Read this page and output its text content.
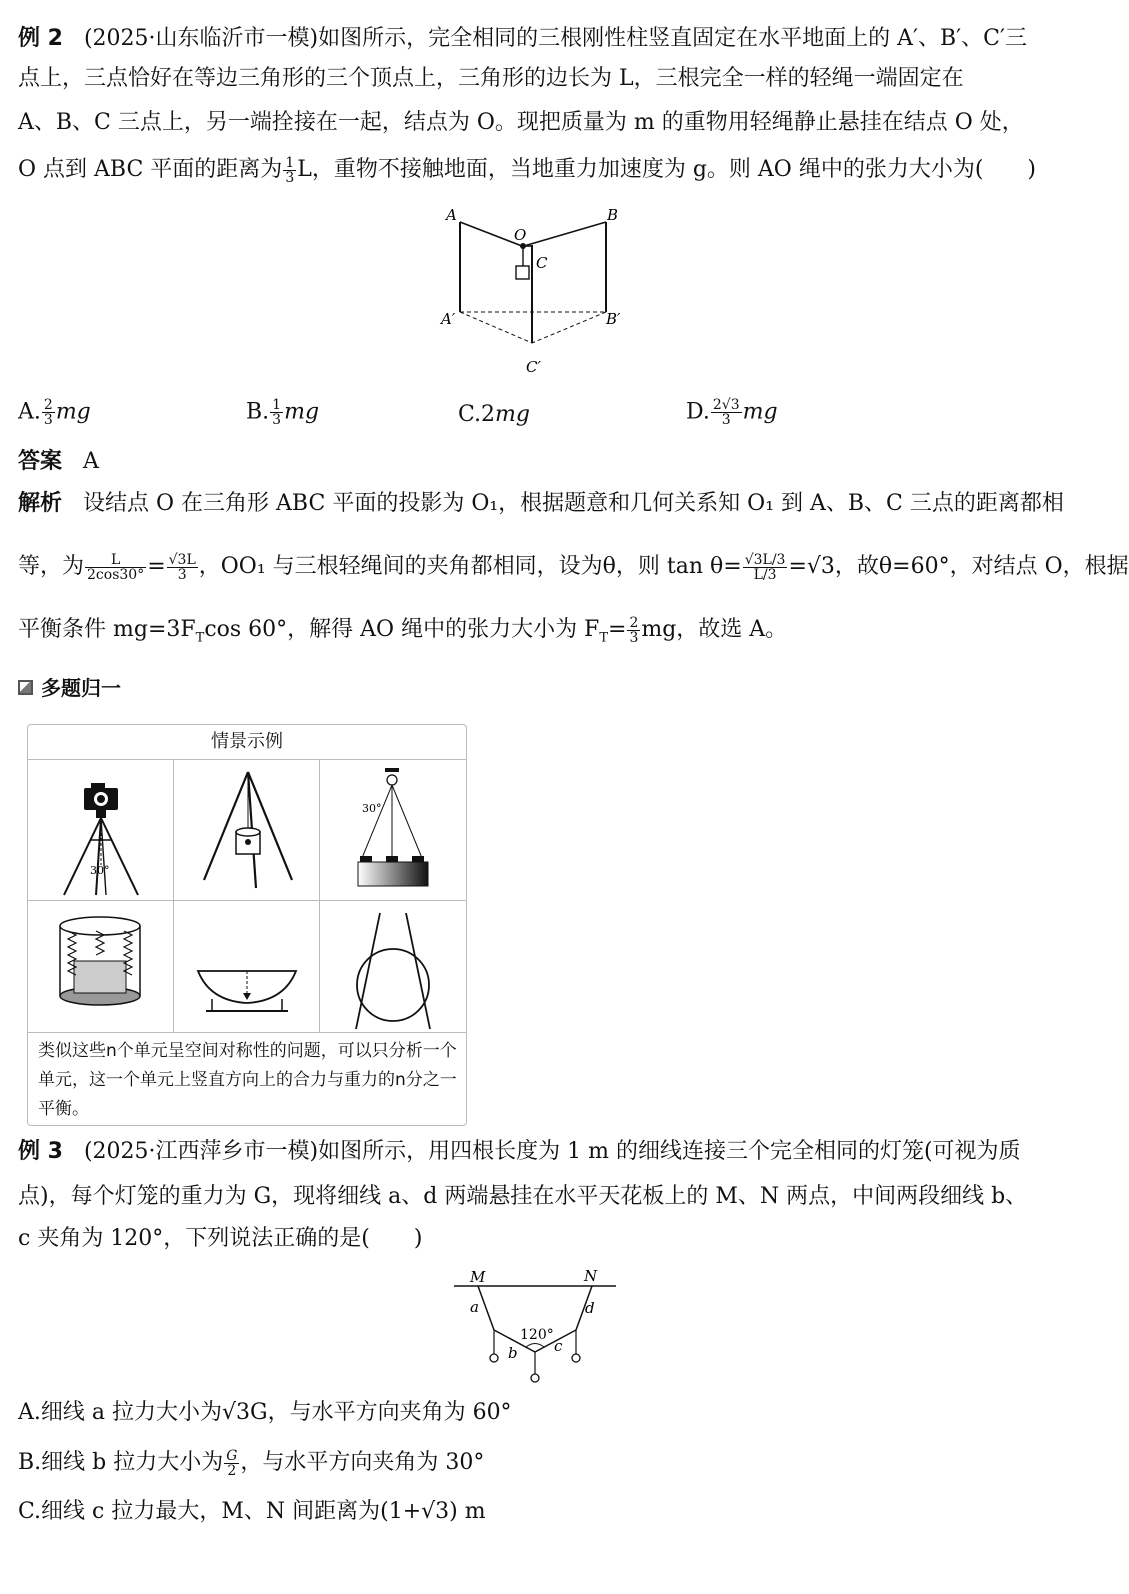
例 2 (2025·山东临沂市一模)如图所示，完全相同的三根刚性柱竖直固定在水平地面上的 A′、B′、C′三
点上，三点恰好在等边三角形的三个顶点上，三角形的边长为 L，三根完全一样的轻绳一端固定在
A、B、C 三点上，另一端拴接在一起，结点为 O。现把质量为 m 的重物用轻绳静止悬挂在结点 O 处，
O 点到 ABC 平面的距离为 $\frac{1}{3}$ L，重物不接触地面，当地重力加速度为 g。则 AO 绳中的张力大小为(　　)
A	B
O
C
A′	B′
C′
A. $\frac{2}{3}$ mg	B. $\frac{1}{3}$ mg	C.2mg	D. $\frac{2√3}{3}$ mg
答案 A
解析 设结点 O 在三角形 ABC 平面的投影为 O₁，根据题意和几何关系知 O₁ 到 A、B、C 三点的距离都相
等，为 $\frac{L}{2\cos 30^\circ} = \frac{√3L}{3}$ ，OO₁ 与三根轻绳间的夹角都相同，设为θ，则 $\tan \theta= \frac{√3L/3}{L/3} =√3$，故θ=60°，对结点 O，根据
平衡条件 $mg=3F_T\cos$ 60°，解得 AO 绳中的张力大小为 $F_T= \frac{2}{3}$ mg，故选 A。
多题归一
情景示例
30°
30°
类似这些n个单元呈空间对称性的问题，可以只分析一个单元，这一个单元上竖直方向上的合力与重力的n分之一平衡。
例 3 (2025·江西萍乡市一模)如图所示，用四根长度为 1 m 的细线连接三个完全相同的灯笼(可视为质
点)，每个灯笼的重力为 G，现将细线 a、d 两端悬挂在水平天花板上的 M、N 两点，中间两段细线 b、
c 夹角为 120°，下列说法正确的是(　　)
M	N
a	d
120°
b c
A.细线 a 拉力大小为√3G，与水平方向夹角为 60°
B.细线 b 拉力大小为 $\frac{G}{2}$ ，与水平方向夹角为 30°
C.细线 c 拉力最大，M、N 间距离为(1+√3) m
